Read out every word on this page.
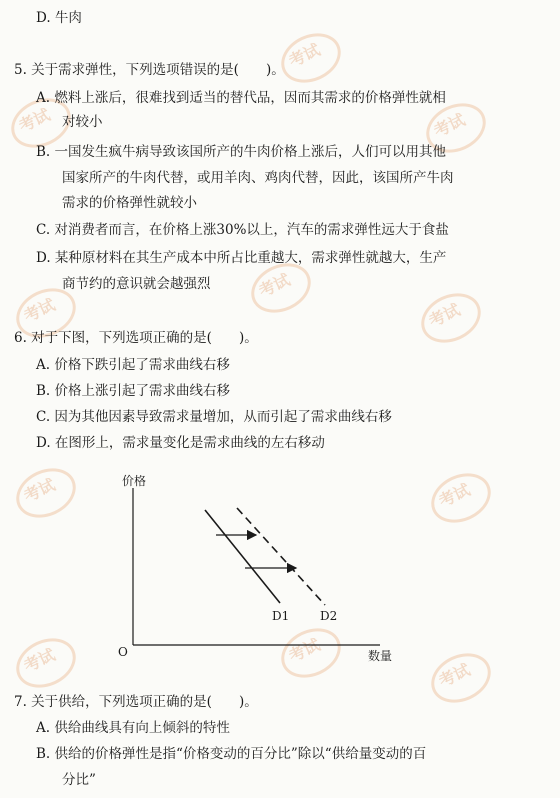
考试
考试
考试
考试
考试
考试
考试	考试
考试	考试
考试
D. 牛肉
5. 关于需求弹性，下列选项错误的是(　　)。
A. 燃料上涨后，很难找到适当的替代品，因而其需求的价格弹性就相
对较小
B. 一国发生疯牛病导致该国所产的牛肉价格上涨后，人们可以用其他
国家所产的牛肉代替，或用羊肉、鸡肉代替，因此，该国所产牛肉
需求的价格弹性就较小
C. 对消费者而言，在价格上涨30%以上，汽车的需求弹性远大于食盐
D. 某种原材料在其生产成本中所占比重越大，需求弹性就越大，生产
商节约的意识就会越强烈
6. 对于下图，下列选项正确的是(　　)。
A. 价格下跌引起了需求曲线右移
B. 价格上涨引起了需求曲线右移
C. 因为其他因素导致需求量增加，从而引起了需求曲线右移
D. 在图形上，需求量变化是需求曲线的左右移动
价格
数量
O
D1	D2
7. 关于供给，下列选项正确的是(　　)。
A. 供给曲线具有向上倾斜的特性
B. 供给的价格弹性是指“价格变动的百分比”除以“供给量变动的百
分比”
